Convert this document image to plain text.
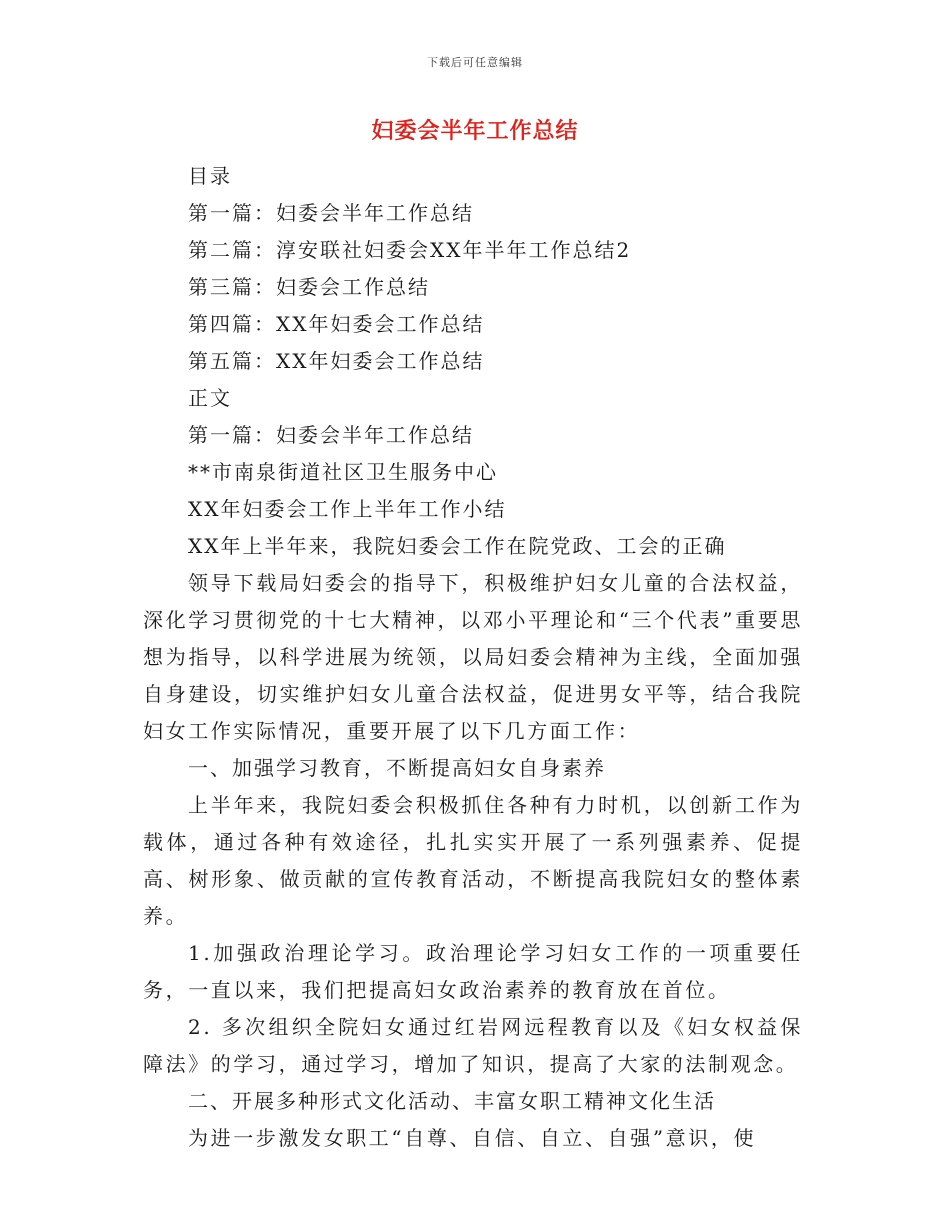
下载后可任意编辑
妇委会半年工作总结
目录
第一篇：妇委会半年工作总结
第二篇：淳安联社妇委会XX年半年工作总结2
第三篇：妇委会工作总结
第四篇：XX年妇委会工作总结
第五篇：XX年妇委会工作总结
正文
第一篇：妇委会半年工作总结
**市南泉街道社区卫生服务中心
XX年妇委会工作上半年工作小结
XX年上半年来，我院妇委会工作在院党政、工会的正确

领导下载局妇委会的指导下，积极维护妇女儿童的合法权益，深化学习贯彻党的十七大精神，以邓小平理论和“三个代表”重要思想为指导，以科学进展为统领，以局妇委会精神为主线，全面加强自身建设，切实维护妇女儿童合法权益，促进男女平等，结合我院妇女工作实际情况，重要开展了以下几方面工作：

一、加强学习教育，不断提高妇女自身素养

上半年来，我院妇委会积极抓住各种有力时机，以创新工作为载体，通过各种有效途径，扎扎实实开展了一系列强素养、促提高、树形象、做贡献的宣传教育活动，不断提高我院妇女的整体素养。

1.加强政治理论学习。政治理论学习妇女工作的一项重要任务，一直以来，我们把提高妇女政治素养的教育放在首位。

2. 多次组织全院妇女通过红岩网远程教育以及《妇女权益保障法》的学习，通过学习，增加了知识，提高了大家的法制观念。

二、开展多种形式文化活动、丰富女职工精神文化生活

为进一步激发女职工“自尊、自信、自立、自强”意识，使
